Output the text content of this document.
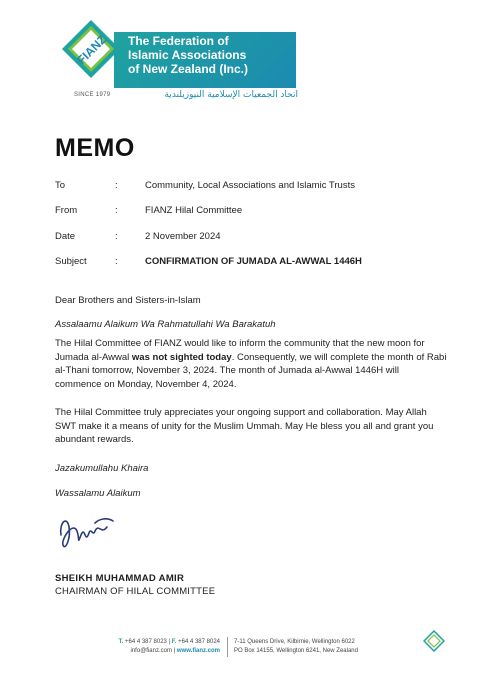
FIANZ The Federation of
Islamic Associations
of New Zealand (Inc.)
اتحاد الجمعيات الإسلامية النيوزيلندية
SINCE 1979
MEMO
To	:	Community, Local Associations and Islamic Trusts
From	:	FIANZ Hilal Committee
Date	:	2 November 2024
Subject	:	CONFIRMATION OF JUMADA AL-AWWAL 1446H
Dear Brothers and Sisters-in-Islam
Assalaamu Alaikum Wa Rahmatullahi Wa Barakatuh
The Hilal Committee of FIANZ would like to inform the community that the new moon for Jumada al-Awwal was not sighted today. Consequently, we will complete the month of Rabi al-Thani tomorrow, November 3, 2024. The month of Jumada al-Awwal 1446H will commence on Monday, November 4, 2024.
The Hilal Committee truly appreciates your ongoing support and collaboration. May Allah SWT make it a means of unity for the Muslim Ummah. May He bless you all and grant you abundant rewards.
Jazakumullahu Khaira
Wassalamu Alaikum
SHEIKH MUHAMMAD AMIR
CHAIRMAN OF HILAL COMMITTEE
T. +64 4 387 8023 | F. +64 4 387 8024
info@fianz.com | www.fianz.com
7-11 Queens Drive, Kilbirnie, Wellington 6022
PO Box 14155, Wellington 6241, New Zealand
